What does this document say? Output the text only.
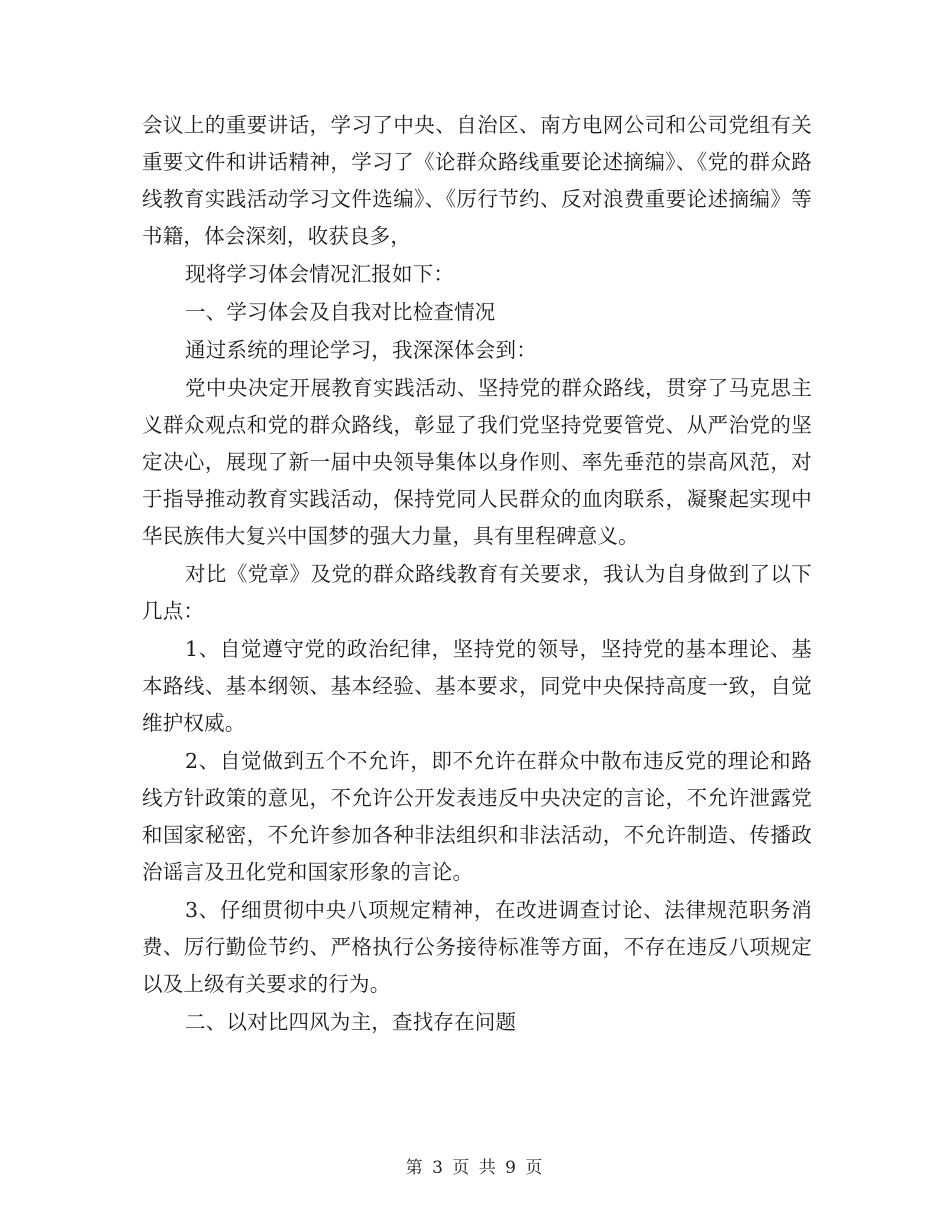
会议上的重要讲话，学习了中央、自治区、南方电网公司和公司党组有关重要文件和讲话精神，学习了《论群众路线重要论述摘编》、《党的群众路线教育实践活动学习文件选编》、《厉行节约、反对浪费重要论述摘编》等书籍，体会深刻，收获良多，

现将学习体会情况汇报如下：

一、学习体会及自我对比检查情况

通过系统的理论学习，我深深体会到：

党中央决定开展教育实践活动、坚持党的群众路线，贯穿了马克思主义群众观点和党的群众路线，彰显了我们党坚持党要管党、从严治党的坚定决心，展现了新一届中央领导集体以身作则、率先垂范的崇高风范，对于指导推动教育实践活动，保持党同人民群众的血肉联系，凝聚起实现中华民族伟大复兴中国梦的强大力量，具有里程碑意义。

对比《党章》及党的群众路线教育有关要求，我认为自身做到了以下几点：

1、自觉遵守党的政治纪律，坚持党的领导，坚持党的基本理论、基本路线、基本纲领、基本经验、基本要求，同党中央保持高度一致，自觉维护权威。

2、自觉做到五个不允许，即不允许在群众中散布违反党的理论和路线方针政策的意见，不允许公开发表违反中央决定的言论，不允许泄露党和国家秘密，不允许参加各种非法组织和非法活动，不允许制造、传播政治谣言及丑化党和国家形象的言论。

3、仔细贯彻中央八项规定精神，在改进调查讨论、法律规范职务消费、厉行勤俭节约、严格执行公务接待标准等方面，不存在违反八项规定以及上级有关要求的行为。

二、以对比四风为主，查找存在问题

第 3 页 共 9 页
